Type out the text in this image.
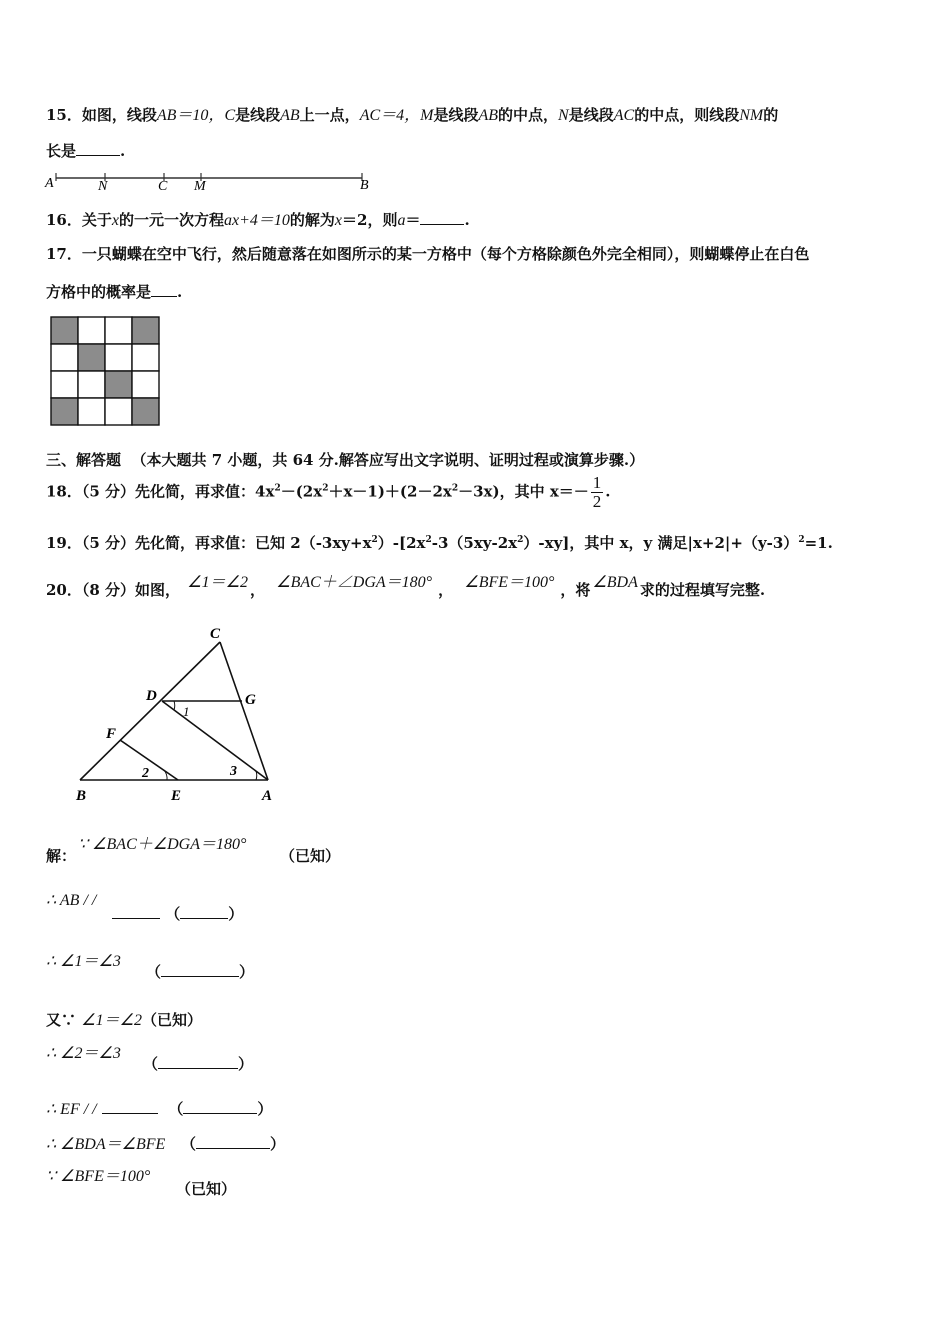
15．如图，线段AB＝10，C是线段AB上一点，AC＝4，M是线段AB的中点，N是线段AC的中点，则线段NM的
长是	.
A	N	C M	B
16．关于x的一元一次方程ax+4＝10的解为x＝2，则a＝	.
17．一只蝴蝶在空中飞行，然后随意落在如图所示的某一方格中（每个方格除颜色外完全相同），则蝴蝶停止在白色
方格中的概率是 .
三、解答题 （本大题共 7 小题，共 64 分.解答应写出文字说明、证明过程或演算步骤.）
18．（5 分）先化简，再求值：$4x^2-(2x^2+x-1)+(2-2x^2-3x)$，其中 $x=- \frac{1}{2}$ .
19．（5 分）先化简，再求值：已知 $2(-3xy+x^2)-[2x^2-3(5xy-2x^2)-xy]$，其中 x，y 满足$|x+2|+(y-3)^2=1$.
20．（8 分）如图， ∠1＝∠2 ， ∠BAC＋∠DGA＝180° ， ∠BFE＝100° ，将 ∠BDA 求的过程填写完整.
C
D	G
1
F
2	3
B	E	A
解：
∵ ∠BAC＋∠DGA＝180°
（已知）
∴ AB / /
（	）
∴ ∠1＝∠3
（	）
又∵ ∠1＝∠2（已知）
∴ ∠2＝∠3
（	）
∴ EF / /	（	）
∴ ∠BDA＝∠BFE （	）
∵ ∠BFE＝100°
（已知）
